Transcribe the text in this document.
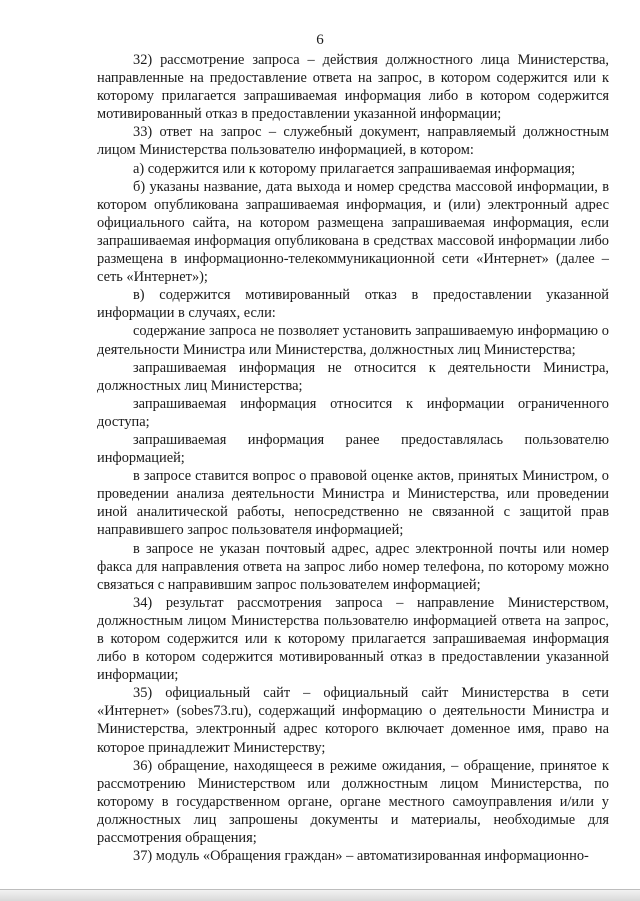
6

32) рассмотрение запроса – действия должностного лица Министерства, направленные на предоставление ответа на запрос, в котором содержится или к которому прилагается запрашиваемая информация либо в котором содержится мотивированный отказ в предоставлении указанной информации;

33) ответ на запрос – служебный документ, направляемый должностным лицом Министерства пользователю информацией, в котором:

а) содержится или к которому прилагается запрашиваемая информация;

б) указаны название, дата выхода и номер средства массовой информации, в котором опубликована запрашиваемая информация, и (или) электронный адрес официального сайта, на котором размещена запрашиваемая информация, если запрашиваемая информация опубликована в средствах массовой информации либо размещена в информационно-телекоммуникационной сети «Интернет» (далее – сеть «Интернет»);

в) содержится мотивированный отказ в предоставлении указанной информации в случаях, если:

содержание запроса не позволяет установить запрашиваемую информацию о деятельности Министра или Министерства, должностных лиц Министерства;

запрашиваемая информация не относится к деятельности Министра, должностных лиц Министерства;

запрашиваемая информация относится к информации ограниченного доступа;

запрашиваемая информация ранее предоставлялась пользователю информацией;

в запросе ставится вопрос о правовой оценке актов, принятых Министром, о проведении анализа деятельности Министра и Министерства, или проведении иной аналитической работы, непосредственно не связанной с защитой прав направившего запрос пользователя информацией;

в запросе не указан почтовый адрес, адрес электронной почты или номер факса для направления ответа на запрос либо номер телефона, по которому можно связаться с направившим запрос пользователем информацией;

34) результат рассмотрения запроса – направление Министерством, должностным лицом Министерства пользователю информацией ответа на запрос, в котором содержится или к которому прилагается запрашиваемая информация либо в котором содержится мотивированный отказ в предоставлении указанной информации;

35) официальный сайт – официальный сайт Министерства в сети «Интернет» (sobes73.ru), содержащий информацию о деятельности Министра и Министерства, электронный адрес которого включает доменное имя, право на которое принадлежит Министерству;

36) обращение, находящееся в режиме ожидания, – обращение, принятое к рассмотрению Министерством или должностным лицом Министерства, по которому в государственном органе, органе местного самоуправления и/или у должностных лиц запрошены документы и материалы, необходимые для рассмотрения обращения;

37) модуль «Обращения граждан» – автоматизированная информационно-
